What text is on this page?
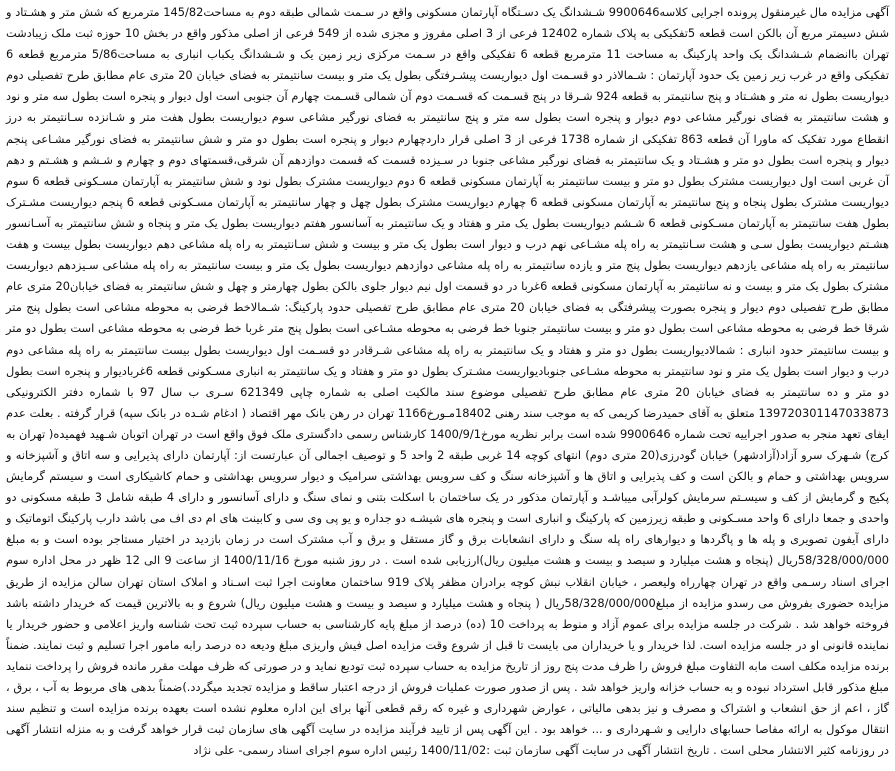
آگهی مزایده مال غیرمنقول پرونده اجرایی کلاسه9900646 شـشدانگ یک دسـتگاه آپارتمان مسکونی واقع در سـمت شمالی طبقه دوم به مساحت145/82 مترمربع که شش متر و هشـتاد و شش دسیمتر مربع آن بالکن است قطعه 5تفکیکی به پلاک شماره 12402 فرعی از 3 اصلی مفروز و مجزی شده از 549 فرعی از اصلی مذکور واقع در بخش 10 حوزه ثبت ملک زیبادشت تهران باانضمام شـشدانگ یک واحد پارکینگ به مساحت 11 مترمربع قطعه 6 تفکیکی واقع در سـمت مرکزی زیر زمین یک و شـشدانگ یکباب انباری به مساحت5/86 مترمربع قطعه 6 تفکیکی واقع در غرب زیر زمین یک حدود آپارتمان : شـمالاذر دو قسـمت اول دیواریست پیشـرفتگی بطول یک متر و بیست سانتیمتر به فضای خیابان 20 متری عام مطابق طرح تفصیلی دوم دیواریست بطول نه متر و هشـتاد و پنج سانتیمتر به قطعه 924 شـرقا در پنج قسـمت که قسـمت دوم آن شمالی قسـمت چهارم آن جنوبی است اول دیوار و پنجره است بطول سه متر و نود و هشت سانتیمتر به فضای نورگیر مشاعی دوم دیوار و پنجره است بطول سه متر و پنج سانتیمتر به فضای نورگیر مشاعی سوم دیواریست بطول هفت متر و شـانزده سـانتیمتر به درز انقطاع مورد تفکیک که ماورا آن قطعه 863 تفکیکی از شماره 1738 فرعی از 3 اصلی قرار داردچهارم دیوار و پنجره است بطول دو متر و شش سانتیمتر به فضای نورگیر مشـاعی پنجم دیوار و پنجره است بطول دو متر و هشـتاد و یک سانتیمتر به فضای نورگیر مشاعی جنوبا در سـیزده قسمت که قسمت دوازدهم آن شرقی،قسمتهای دوم و چهارم و شـشم و هشـتم و دهم آن غربی است اول دیواریست مشترک بطول دو متر و بیست سانتیمتر به آپارتمان مسکونی قطعه 6 دوم دیواریست مشترک بطول نود و شش سانتیمتر به آپارتمان مسـکونی قطعه 6 سوم دیواریست مشترک بطول پنجاه و پنج سانتیمتر به آپارتمان مسکونی قطعه 6 چهارم دیواریست مشترک بطول چهل و چهار سانتیمتر به آپارتمان مسـکونی قطعه 6 پنجم دیواریست مشـترک بطول هفت سانتیمتر به آپارتمان مسـکونی قطعه 6 شـشم دیواریست بطول یک متر و هفتاد و یک سانتیمتر به آسانسور هفتم دیواریست بطول یک متر و پنجاه و شش سانتیمتر به آسـانسور هشـتم دیواریست بطول سـی و هشت سـانتیمتر به راه پله مشـاعی نهم درب و دیوار است بطول یک متر و بیست و شش سـانتیمتر به راه پله مشاعی دهم دیواریست بطول بیست و هفت سانتیمتر به راه پله مشاعی یازدهم دیواریست بطول پنج متر و یازده سانتیمتر به راه پله مشاعی دوازدهم دیواریست بطول یک متر و بیست سانتیمتر به راه پله مشاعی سـیزدهم دیواریست مشترک بطول یک متر و بیست و نه سانتیمتر به آپارتمان مسکونی قطعه 6غربا در دو قسمت اول نیم دیوار جلوی بالکن بطول چهارمتر و چهل و شش سانتیمتر به فضای خیابان20 متری عام مطابق طرح تفصیلی دوم دیوار و پنجره بصورت پیشرفتگی به فضای خیابان 20 متری عام مطابق طرح تفصیلی حدود پارکینگ: شـمالاخط فرضی به محوطه مشاعی است بطول پنج متر شرقا خط فرضی به محوطه مشاعی است بطول دو متر و بیست سانتیمتر جنوبا خط فرضی به محوطه مشـاعی است بطول پنج متر غربا خط فرضی به محوطه مشاعی است بطول دو متر و بیست سانتیمتر حدود انباری : شمالادیواریست بطول دو متر و هفتاد و یک سانتیمتر به راه پله مشاعی شـرقادر دو قسـمت اول دیواریست بطول بیست سانتیمتر به راه پله مشاعی دوم درب و دیوار است بطول یک متر و نود سانتیمتر به محوطه مشـاعی جنوبادیواریست مشـترک بطول دو متر و هفتاد و یک سانتیمتر به انباری مسـکونی قطعه 6غربادیوار و پنجره است بطول دو متر و ده سانتیمتر به فضای خیابان 20 متری عام مطابق طرح تفصیلی موضوع سند مالکیت اصلی به شماره چاپی 621349 سـری ب سال 97 با شماره دفتر الکترونیکی 139720301147033873 متعلق به آقای حمیدرضا کریمی که به موجب سند رهنی 18402مـورخ1166 تهران در رهن بانک مهر اقتصاد ( ادغام شـده در بانک سپه) قرار گرفته . بعلت عدم ایفای تعهد منجر به صدور اجراییه تحت شماره 9900646 شده است برابر نظریه مورخ1400/9/1 کارشناس رسمی دادگستری ملک فوق واقع است در تهران اتوبان شـهید فهمیده( تهران به کرج) شـهرک سرو آزاد(آزادشهر) خیابان گودرزی(20 متری دوم) انتهای کوچه 14 غربی طبقه 2 واحد 5 و توصیف اجمالی آن عبارتست از: آپارتمان دارای پذیرایی و سه اتاق و آشپزخانه و سرویس بهداشتی و حمام و بالکن است و کف پذیرایی و اتاق ها و آشپزخانه سنگ و کف سرویس بهداشتی سرامیک و دیوار سرویس بهداشتی و حمام کاشیکاری است و سیستم گرمایش پکیج و گرمایش از کف و سیسـتم سرمایش کولرآبی میباشـد و آپارتمان مذکور در یک ساختمان با اسکلت بتنی و نمای سنگ و دارای آسانسور و دارای 4 طبقه شامل 3 طبقه مسکونی دو واحدی و جمعا دارای 6 واحد مسـکونی و طبقه زیرزمین که پارکینگ و انباری است و پنجره های شیشـه دو جداره و یو پی وی سی و کابینت های ام دی اف می باشد دارب پارکینگ اتوماتیک و دارای آیفون تصویری و پله ها و پاگردها و دیوارهای راه پله سنگ و دارای انشعابات برق و گاز مستقل و برق و آب مشترک است در زمان بازدید در اختیار مستاجر بوده است و به مبلغ 58/328/000/000ریال (پنجاه و هشت میلیارد و سیصد و بیست و هشت میلیون ریال)ارزیابی شده است . در روز شنبه مورخ 1400/11/16 از ساعت 9 الی 12 ظهر در محل اداره سوم اجرای اسناد رسـمی واقع در تهران چهارراه ولیعصر ، خیابان انقلاب نبش کوچه برادران مظفر پلاک 919 ساختمان معاونت اجرا ثبت اسـناد و املاک استان تهران سالن مزایده از طریق مزایده حضوری بفروش می رسدو مزایده از مبلغ58/328/000/000ریال ( پنجاه و هشت میلیارد و سیصد و بیست و هشت میلیون ریال) شروع و به بالاترین قیمت که خریدار داشته باشد فروخته خواهد شد . شرکت در جلسه مزایده برای عموم آزاد و منوط به پرداخت 10 (ده) درصد از مبلغ پایه کارشناسی به حساب سپرده ثبت تحت شناسه واریز اعلامی و حضور خریدار یا نماینده قانونی او در جلسه مزایده است. لذا خریدار و یا خریداران می بایست تا قبل از شروع وقت مزایده اصل فیش واریزی مبلغ ودیعه ده درصد رابه مامور اجرا تسلیم و ثبت نمایند. ضمناً برنده مزایده مکلف است مابه التفاوت مبلغ فروش را ظرف مدت پنج روز از تاریخ مزایده به حساب سپرده ثبت تودیع نماید و در صورتی که ظرف مهلت مقرر مانده فروش را پرداخت ننماید مبلغ مذکور قابل استرداد نبوده و به حساب خزانه واریز خواهد شد . پس از صدور صورت عملیات فروش از درجه اعتبار ساقط و مزایده تجدید میگردد.)ضمناً بدهی های مربوط به آب ، برق ، گاز ، اعم از حق انشعاب و اشتراک و مصرف و نیز بدهی مالیاتی ، عوارض شهرداری و غیره که رقم قطعی آنها برای این اداره معلوم نشده است بعهده برنده مزایده است و تنظیم سند انتقال موکول به ارائه مفاصا حسابهای دارایی و شـهرداری و ... خواهد بود . این آگهی پس از تایید فرآیند مزایده در سایت آگهی های سازمان ثبت قرار خواهد گرفت و به منزله انتشار آگهی در روزنامه کثیر الانتشار محلی است . تاریخ انتشار آگهی در سایت آگهی سازمان ثبت :1400/11/02 رئیس اداره سوم اجرای اسناد رسمی- علی نژاد
